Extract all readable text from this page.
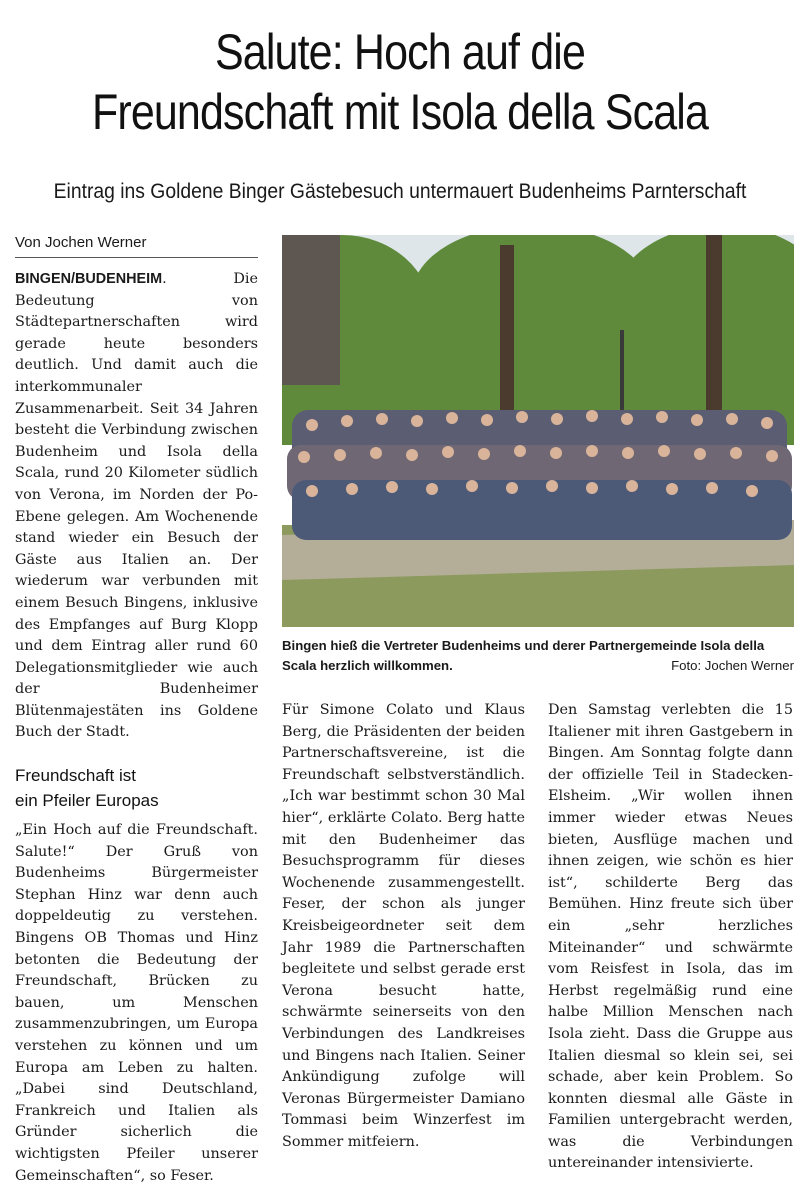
Salute: Hoch auf die
Freundschaft mit Isola della Scala
Eintrag ins Goldene Binger Gästebesuch untermauert Budenheims Parnterschaft
Von Jochen Werner

BINGEN/BUDENHEIM. Die Bedeutung von Städtepartnerschaften wird gerade heute besonders deutlich. Und damit auch die interkommunaler Zusammenarbeit. Seit 34 Jahren besteht die Verbindung zwischen Budenheim und Isola della Scala, rund 20 Kilometer südlich von Verona, im Norden der Po-Ebene gelegen. Am Wochenende stand wieder ein Besuch der Gäste aus Italien an. Der wiederum war verbunden mit einem Besuch Bingens, inklusive des Empfanges auf Burg Klopp und dem Eintrag aller rund 60 Delegationsmitglieder wie auch der Budenheimer Blütenmajestäten ins Goldene Buch der Stadt.

Freundschaft ist
ein Pfeiler Europas

„Ein Hoch auf die Freundschaft. Salute!“ Der Gruß von Budenheims Bürgermeister Stephan Hinz war denn auch doppeldeutig zu verstehen. Bingens OB Thomas und Hinz betonten die Bedeutung der Freundschaft, Brücken zu bauen, um Menschen zusammenzubringen, um Europa verstehen zu können und um Europa am Leben zu halten. „Dabei sind Deutschland, Frankreich und Italien als Gründer sicherlich die wichtigsten Pfeiler unserer Gemeinschaften“, so Feser.

Bingen hieß die Vertreter Budenheims und derer Partnergemeinde Isola della Scala herzlich willkommen.	Foto: Jochen Werner

Für Simone Colato und Klaus Berg, die Präsidenten der beiden Partnerschaftsvereine, ist die Freundschaft selbstverständlich. „Ich war bestimmt schon 30 Mal hier“, erklärte Colato. Berg hatte mit den Budenheimer das Besuchsprogramm für dieses Wochenende zusammengestellt. Feser, der schon als junger Kreisbeigeordneter seit dem Jahr 1989 die Partnerschaften begleitete und selbst gerade erst Verona besucht hatte, schwärmte seinerseits von den Verbindungen des Landkreises und Bingens nach Italien. Seiner Ankündigung zufolge will Veronas Bürgermeister Damiano Tommasi beim Winzerfest im Sommer mitfeiern.

Den Samstag verlebten die 15 Italiener mit ihren Gastgebern in Bingen. Am Sonntag folgte dann der offizielle Teil in Stadecken-Elsheim. „Wir wollen ihnen immer wieder etwas Neues bieten, Ausflüge machen und ihnen zeigen, wie schön es hier ist“, schilderte Berg das Bemühen. Hinz freute sich über ein „sehr herzliches Miteinander“ und schwärmte vom Reisfest in Isola, das im Herbst regelmäßig rund eine halbe Million Menschen nach Isola zieht. Dass die Gruppe aus Italien diesmal so klein sei, sei schade, aber kein Problem. So konnten diesmal alle Gäste in Familien untergebracht werden, was die Verbindungen untereinander intensivierte.
